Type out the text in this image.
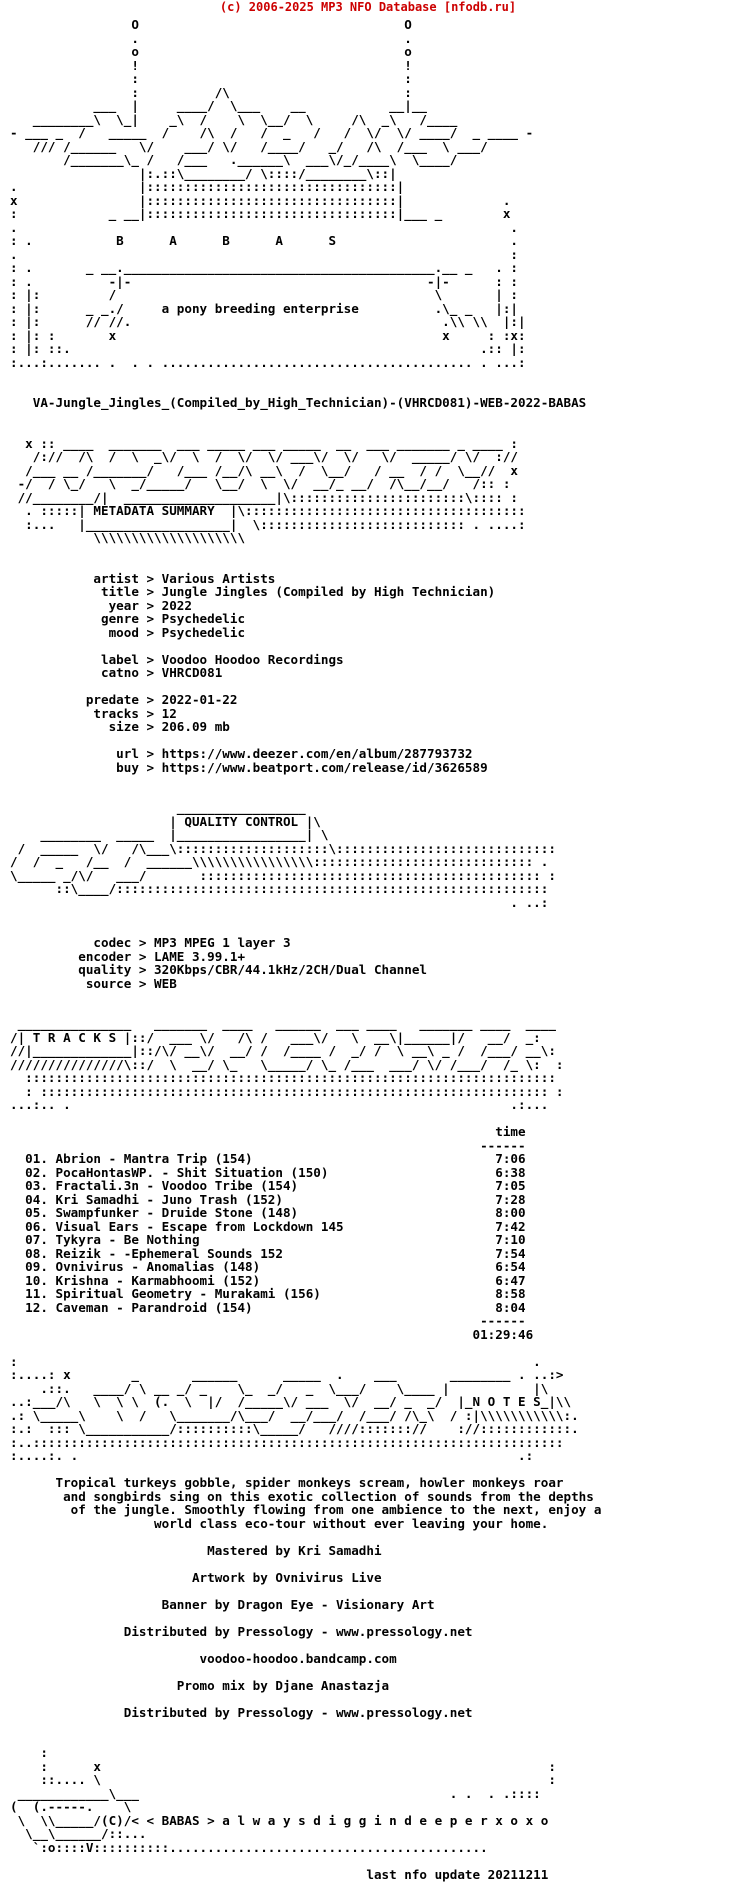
(c) 2006-2025 MP3 NFO Database [nfodb.ru]
O                                   O
.                                   .
o                                   o
!                                   !
:                                   :
:          /\                       :
___  |     ____/  \___    __           __|__
________\  \_|    _\  /    \  \__/  \     /\  _\   /____
- ___ _  /   _____  /    /\  /   /  _   /   /  \/  \/ ____/  _ ____ -
/// /______   \/    ___/ \/   /____/   _/   /\  /___  \ ___/
/_______\_ /   /___   .______\  ___\/_/____\  \____/
|:.::\________/ \::::/________\::|
.                |:::::::::::::::::::::::::::::::::|
x                |:::::::::::::::::::::::::::::::::|             .
:            _ __|:::::::::::::::::::::::::::::::::|___ _        x
.                                                                 .
: .           B      A      B      A      S                       .
.                                                                 :
: .       _ __._________________________________________.__ _   . :
: .          -|-                                       -|-      : :
: |:         /                                          \       | :
: |:      _ _./     a pony breeding enterprise          .\_ _   |:|
: |:      // //.                                         .\\ \\  |:|
: |: :       x                                           x     : :x:
: |: ::.                                                      .:: |:
:...:....... .  . . ......................................... . ...:

VA-Jungle_Jingles_(Compiled_by_High_Technician)-(VHRCD081)-WEB-2022-BABAS

x :: ____  _______  ___ _____ ___ _____  __  ___ _______ _ ____ :
/://  /\  /  \  _\/  \  /  \/  \/ ___\/  \/   \/  _____/ \/  ://
/___ __ /_______/   /___ /__/\ __\  /  \__/   / __  / /  \__//  x
-/  / \_/   \  _/_____/   \__/  \  \/  __/_ __/  /\__/__/   /:: :
//________/|  ____________________|\:::::::::::::::::::::::\:::: :
. :::::| METADATA SUMMARY  |\:::::::::::::::::::::::::::::::::::::
:...   |___________________|  \::::::::::::::::::::::::::: . ....:
\\\\\\\\\\\\\\\\\\\\

artist > Various Artists
title > Jungle Jingles (Compiled by High Technician)
year > 2022
genre > Psychedelic
mood > Psychedelic

label > Voodoo Hoodoo Recordings
catno > VHRCD081

predate > 2022-01-22
tracks > 12
size > 206.09 mb

url > https://www.deezer.com/en/album/287793732
buy > https://www.beatport.com/release/id/3626589

_________________
| QUALITY CONTROL |\
________  _____  |_________________| \
/  _____  \/   /\___\::::::::::::::::::::\:::::::::::::::::::::::::::::
/  /  _   /__  /  ______\\\\\\\\\\\\\\\\::::::::::::::::::::::::::::: .
\_____ _/\/   ___/       ::::::::::::::::::::::::::::::::::::::::::::: :
::\____/:::::::::::::::::::::::::::::::::::::::::::::::::::::::::
. ..:

codec > MP3 MPEG 1 layer 3
encoder > LAME 3.99.1+
quality > 320Kbps/CBR/44.1kHz/2CH/Dual Channel
source > WEB

_______________   _______  ____   ______  ___ ____   _______ ____  ____
/| T R A C K S |::/  ___ \/   /\ /   ___\/   \  __\|______|/   __/  _:
//|_____________|::/\/ __\/  __/ /  /____ /  _/ /  \ __\ _ /  /___/ __\:
///////////////\::/  \  __/ \_   \_____/ \_ /___  ___/ \/ /___/  /_ \:  :
::::::::::::::::::::::::::::::::::::::::::::::::::::::::::::::::::::::
: ::::::::::::::::::::::::::::::::::::::::::::::::::::::::::::::::::: :
...:.. .                                                          .:...

time
------
01. Abrion - Mantra Trip (154)                                7:06
02. PocaHontasWP. - Shit Situation (150)                      6:38
03. Fractali.3n - Voodoo Tribe (154)                          7:05
04. Kri Samadhi - Juno Trash (152)                            7:28
05. Swampfunker - Druide Stone (148)                          8:00
06. Visual Ears - Escape from Lockdown 145                    7:42
07. Tykyra - Be Nothing                                       7:10
08. Reizik - -Ephemeral Sounds 152                            7:54
09. Ovnivirus - Anomalias (148)                               6:54
10. Krishna - Karmabhoomi (152)                               6:47
11. Spiritual Geometry - Murakami (156)                       8:58
12. Caveman - Parandroid (154)                                8:04
------
01:29:46

:                                                                    .
:....: x        _       ______      _____  .    ___       ________ . ..:>
.::.   ____/ \ __ _/ _    \_  _/   _  \___/    \____ |           |\
..:___/\   \  \ \  (.  \  |/  /_____\/ ___  \/  __/ _  _/  |_N O T E S_|\\
.: \_____\    \  /   \_______/\___/  __/___/  /___/ /\_\  / :|\\\\\\\\\\\:.
:.:  ::: \___________/::::::::::\_____/   ////::::::://    ://::::::::::::.
:..::::::::::::::::::::::::::::::::::::::::::::::::::::::::::::::::::::::
:....:. .                                                          .:

Tropical turkeys gobble, spider monkeys scream, howler monkeys roar
and songbirds sing on this exotic collection of sounds from the depths
of the jungle. Smoothly flowing from one ambience to the next, enjoy a
world class eco-tour without ever leaving your home.

Mastered by Kri Samadhi

Artwork by Ovnivirus Live

Banner by Dragon Eye - Visionary Art

Distributed by Pressology - www.pressology.net

voodoo-hoodoo.bandcamp.com

Promo mix by Djane Anastazja

Distributed by Pressology - www.pressology.net

:
:      x                                                           :
::.... \                                                           :
____________\___                                         . .  . .::::
(  (.-----.    \
\  \\_____/(C)/< < BABAS > a l w a y s d i g g i n d e e p e r x o x o
\__\______/::...
`:o::::V::::::::::..........................................

last nfo update 20211211
